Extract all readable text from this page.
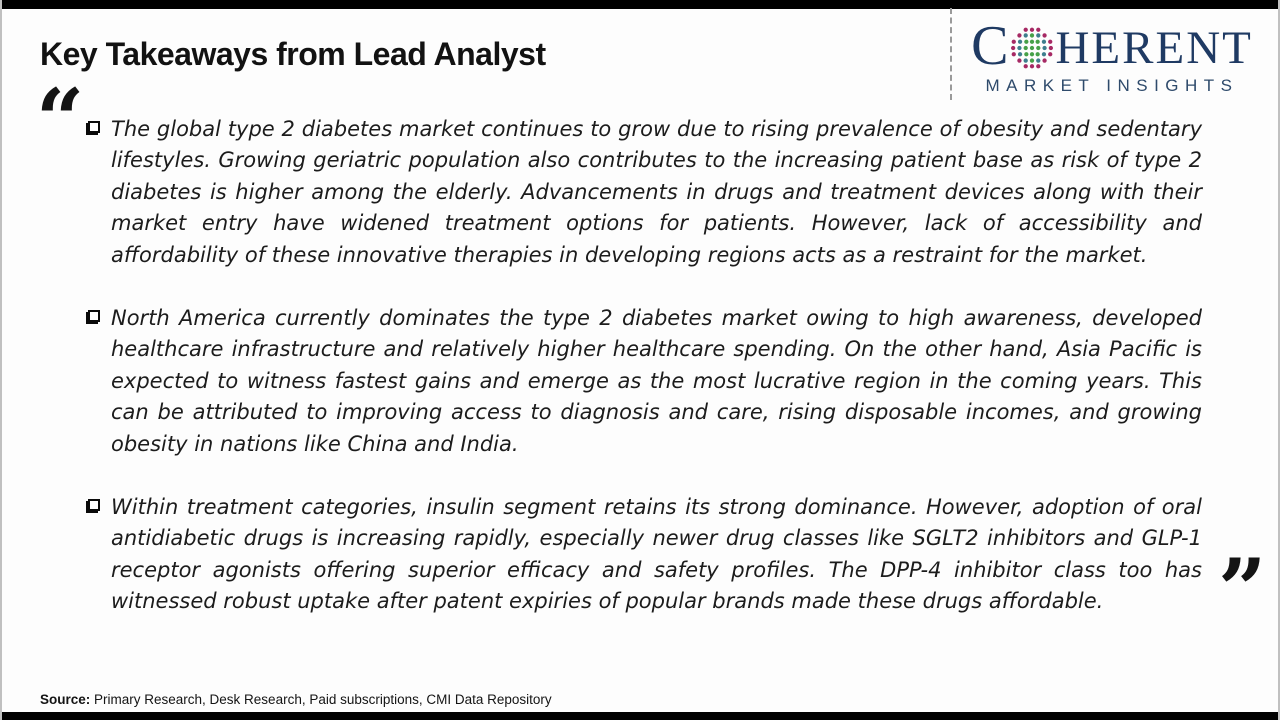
Key Takeaways from Lead Analyst	C HERENT
MARKET INSIGHTS
“	The global type 2 diabetes market continues to grow due to rising prevalence of obesity and sedentary lifestyles. Growing geriatric population also contributes to the increasing patient base as risk of type 2 diabetes is higher among the elderly. Advancements in drugs and treatment devices along with their market entry have widened treatment options for patients. However, lack of accessibility and affordability of these innovative therapies in developing regions acts as a restraint for the market.

North America currently dominates the type 2 diabetes market owing to high awareness, developed healthcare infrastructure and relatively higher healthcare spending. On the other hand, Asia Pacific is expected to witness fastest gains and emerge as the most lucrative region in the coming years. This can be attributed to improving access to diagnosis and care, rising disposable incomes, and growing obesity in nations like China and India.

Within treatment categories, insulin segment retains its strong dominance. However, adoption of oral antidiabetic drugs is increasing rapidly, especially newer drug classes like SGLT2 inhibitors and GLP-1 receptor agonists offering superior efficacy and safety profiles. The DPP-4 inhibitor class too has witnessed robust uptake after patent expiries of popular brands made these drugs affordable.	”
Source: Primary Research, Desk Research, Paid subscriptions, CMI Data Repository
